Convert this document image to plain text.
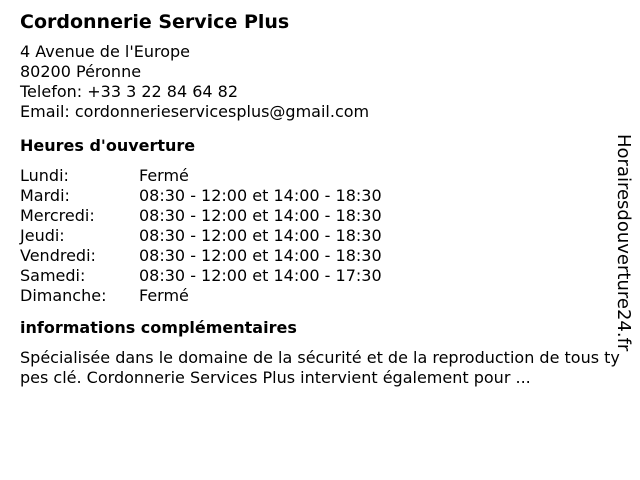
Cordonnerie Service Plus
4 Avenue de l'Europe
80200 Péronne
Telefon: +33 3 22 84 64 82
Email: cordonnerieservicesplus@gmail.com
Heures d'ouverture
Lundi:	Fermé
Mardi:	08:30 - 12:00 et 14:00 - 18:30
Mercredi:	08:30 - 12:00 et 14:00 - 18:30
Jeudi:	08:30 - 12:00 et 14:00 - 18:30
Vendredi:	08:30 - 12:00 et 14:00 - 18:30
Samedi:	08:30 - 12:00 et 14:00 - 17:30
Dimanche:	Fermé
informations complémentaires
Spécialisée dans le domaine de la sécurité et de la reproduction de tous types clé. Cordonnerie Services Plus intervient également pour ...
Horairesdouverture24.fr
